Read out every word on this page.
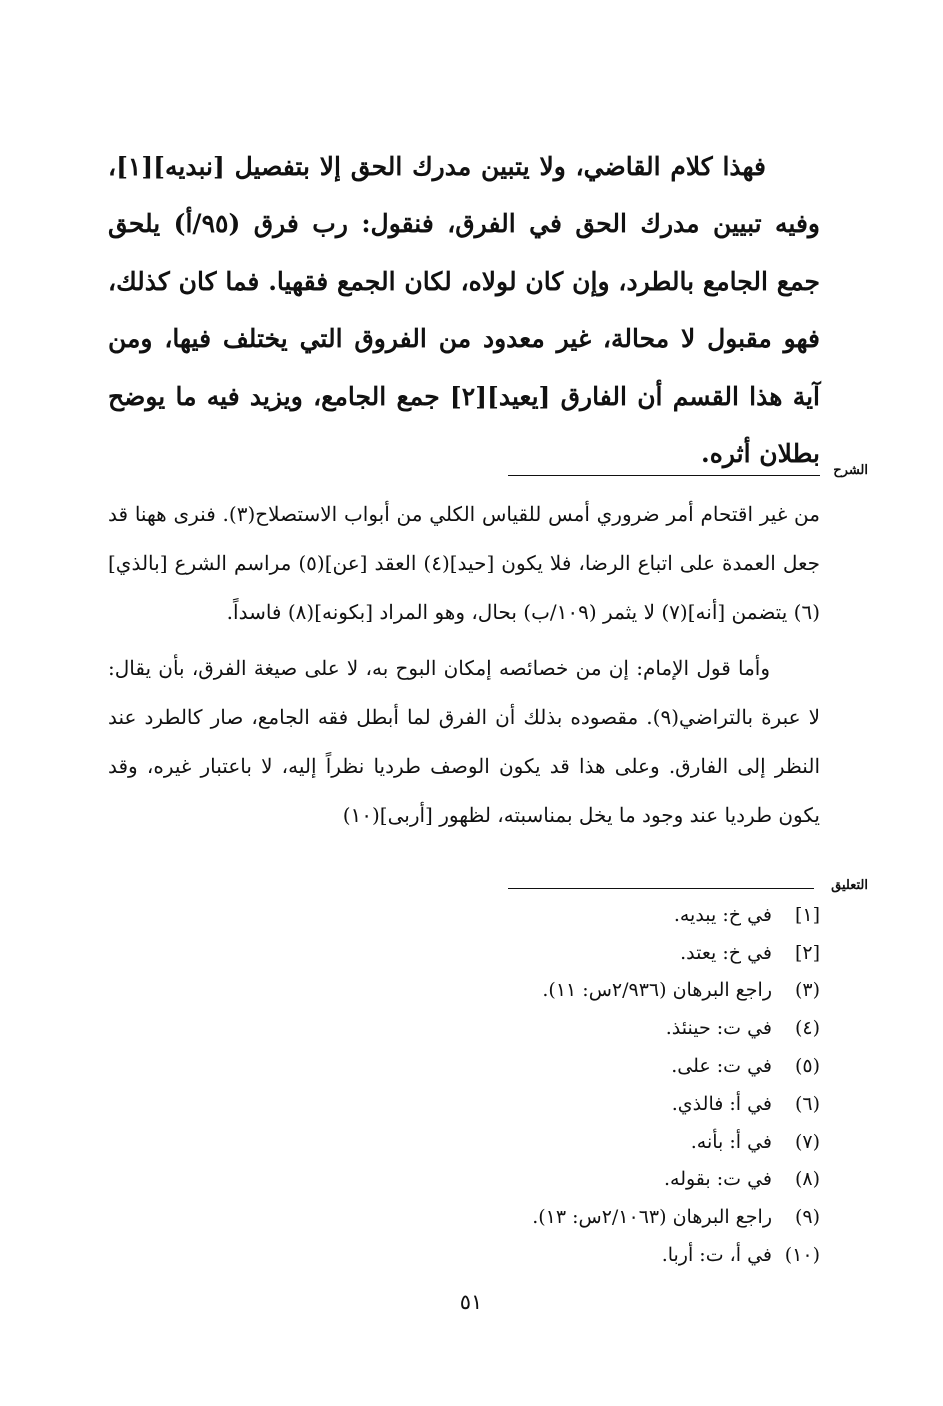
فهذا كلام القاضي، ولا يتبين مدرك الحق إلا بتفصيل [نبديه][١]، وفيه تبيين مدرك الحق في الفرق، فنقول: رب فرق (٩٥/أ) يلحق جمع الجامع بالطرد، وإن كان لولاه، لكان الجمع فقهيا. فما كان كذلك، فهو مقبول لا محالة، غير معدود من الفروق التي يختلف فيها، ومن آية هذا القسم أن الفارق [يعيد][٢] جمع الجامع، ويزيد فيه ما يوضح بطلان أثره.

الشرح

من غير اقتحام أمر ضروري أمس للقياس الكلي من أبواب الاستصلاح(٣). فنرى ههنا قد جعل العمدة على اتباع الرضا، فلا يكون [حيد](٤) العقد [عن](٥) مراسم الشرع [بالذي](٦) يتضمن [أنه](٧) لا يثمر (١٠٩/ب) بحال، وهو المراد [بكونه](٨) فاسداً.

وأما قول الإمام: إن من خصائصه إمكان البوح به، لا على صيغة الفرق، بأن يقال: لا عبرة بالتراضي(٩). مقصوده بذلك أن الفرق لما أبطل فقه الجامع، صار كالطرد عند النظر إلى الفارق. وعلى هذا قد يكون الوصف طرديا نظراً إليه، لا باعتبار غيره، وقد يكون طرديا عند وجود ما يخل بمناسبته، لظهور [أربى](١٠)

التعليق
[١]
في خ: يبديه.
[٢]
في خ: يعتد.
(٣)
راجع البرهان (٢/٩٣٦س: ١١).
(٤)
في ت: حينئذ.
(٥)
في ت: على.
(٦)
في أ: فالذي.
(٧)
في أ: بأنه.
(٨)
في ت: بقوله.
(٩)
راجع البرهان (٢/١٠٦٣س: ١٣).
(١٠)
في أ، ت: أربا.
٥١
